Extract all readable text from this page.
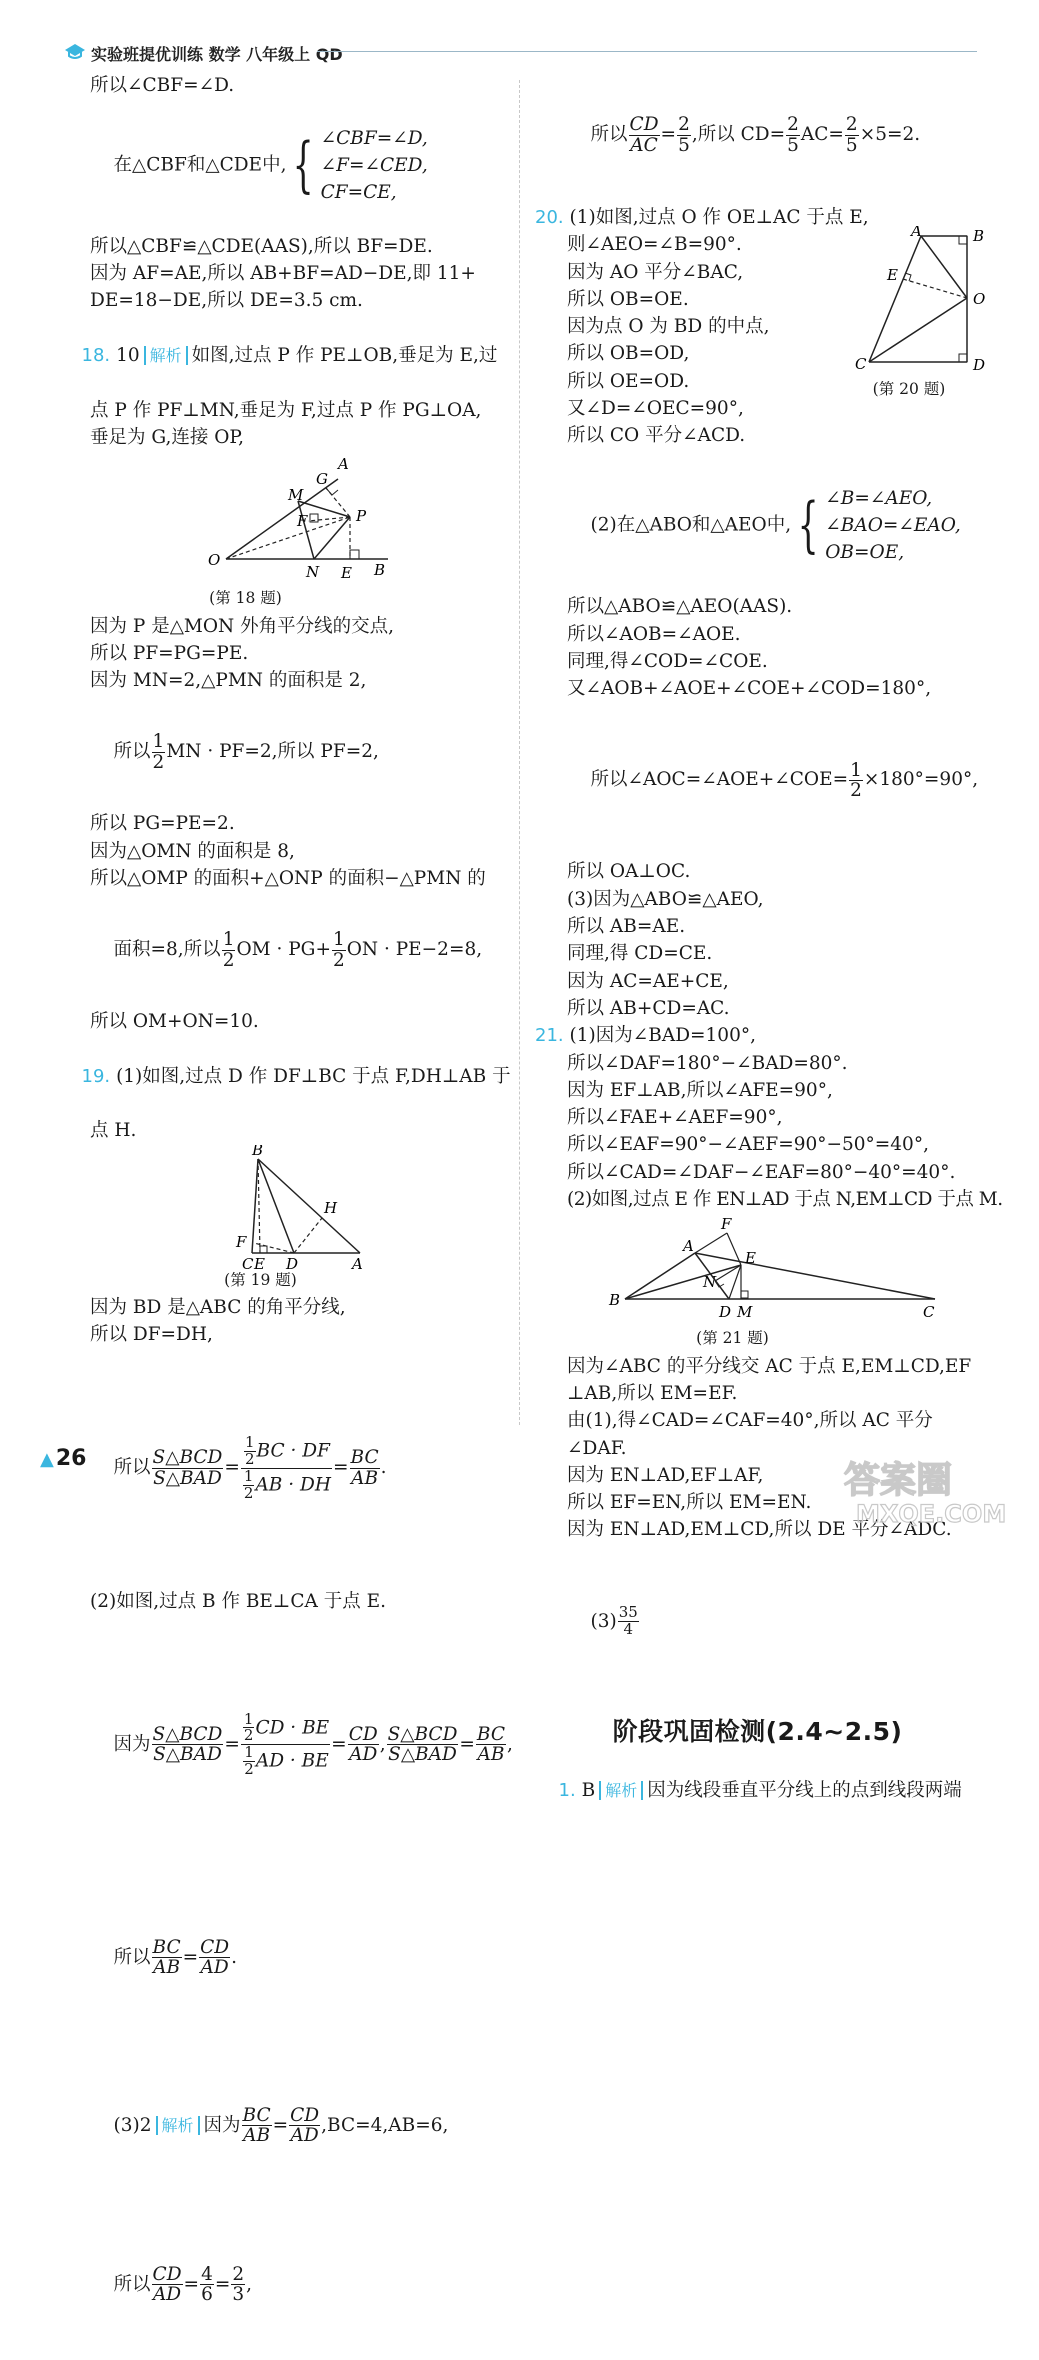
实验班提优训练 数学 八年级上 QD
所以∠CBF=∠D.

在△CBF和△CDE中, { ∠CBF=∠D,
∠F=∠CED,
CF=CE,

所以△CBF≌△CDE(AAS),所以 BF=DE.
因为 AF=AE,所以 AB+BF=AD−DE,即 11+
DE=18−DE,所以 DE=3.5 cm.

18. 10 解析 如图,过点 P 作 PE⊥OB,垂足为 E,过

点 P 作 PF⊥MN,垂足为 F,过点 P 作 PG⊥OA,
垂足为 G,连接 OP,
A
G
M
P
F
O
N E B
(第 18 题)
因为 P 是△MON 外角平分线的交点,
所以 PF=PG=PE.
因为 MN=2,△PMN 的面积是 2,

所以 $\frac{1}{2}$ MN · PF=2,所以 PF=2,

所以 PG=PE=2.
因为△OMN 的面积是 8,
所以△OMP 的面积+△ONP 的面积−△PMN 的

面积=8,所以 $\frac{1}{2}$ OM · $PG+ \frac{1}{2}$ ON · PE−2=8,

所以 OM+ON=10.

19. (1)如图,过点 D 作 DF⊥BC 于点 F,DH⊥AB 于

点 H.
B
H
F
C E D	A
(第 19 题)
因为 BD 是△ABC 的角平分线,
所以 DF=DH,

所以 $\frac{\text{S△BCD}}{\text{S△BAD}} = \frac{\frac{1}{2} BC \cdot DF}{\frac{1}{2} AB \cdot DH} = \frac{BC}{AB}$ .

(2)如图,过点 B 作 BE⊥CA 于点 E.

因为 $\frac{\text{S△BCD}}{\text{S△BAD}} = \frac{\frac{1}{2} CD \cdot BE}{\frac{1}{2} AD \cdot BE} = \frac{CD}{AD}$ , $\frac{\text{S△BCD}}{\text{S△BAD}} = \frac{BC}{AB}$ ,

所以 $\frac{BC}{AB} = \frac{CD}{AD}$ .

(3)2 解析 因为 $\frac{BC}{AB} = \frac{CD}{AD} ,BC=4,AB=6$,

所以 $\frac{CD}{AD} = \frac{4}{6} = \frac{2}{3}$ ,

所以 $\frac{CD}{AC} = \frac{2}{5}$ ,所以 $CD= \frac{2}{5} AC= \frac{2}{5} \times 5=2$.

20. (1)如图,过点 O 作 OE⊥AC 于点 E,
则∠AEO=∠B=90°.
因为 AO 平分∠BAC,
所以 OB=OE.
因为点 O 为 BD 的中点,
所以 OB=OD,
所以 OE=OD.
又∠D=∠OEC=90°,
所以 CO 平分∠ACD.
A	B
E
O
C	D
(第 20 题)

(2)在△ABO和△AEO中, { ∠B=∠AEO,
∠BAO=∠EAO,
OB=OE,

所以△ABO≌△AEO(AAS).
所以∠AOB=∠AOE.
同理,得∠COD=∠COE.
又∠AOB+∠AOE+∠COE+∠COD=180°,

所以∠AOC=∠AOE+∠COE= $\frac{1}{2} \times 180^\circ=90^\circ$,

所以 OA⊥OC.
(3)因为△ABO≌△AEO,
所以 AB=AE.
同理,得 CD=CE.
因为 AC=AE+CE,
所以 AB+CD=AC.
21. (1)因为∠BAD=100°,
所以∠DAF=180°−∠BAD=80°.
因为 EF⊥AB,所以∠AFE=90°,
所以∠FAE+∠AEF=90°,
所以∠EAF=90°−∠AEF=90°−50°=40°,
所以∠CAD=∠DAF−∠EAF=80°−40°=40°.
(2)如图,过点 E 作 EN⊥AD 于点 N,EM⊥CD 于点 M.
F
A
E
N
B
D M	C
(第 21 题)
因为∠ABC 的平分线交 AC 于点 E,EM⊥CD,EF
⊥AB,所以 EM=EF.
由(1),得∠CAD=∠CAF=40°,所以 AC 平分
∠DAF.
因为 EN⊥AD,EF⊥AF,
所以 EF=EN,所以 EM=EN.
因为 EN⊥AD,EM⊥CD,所以 DE 平分∠ADC.

$(3) \frac{35}{4}$

阶段巩固检测(2.4~2.5)

1. B 解析 因为线段垂直平分线上的点到线段两端

▲26
答案圈
MXQE.COM
